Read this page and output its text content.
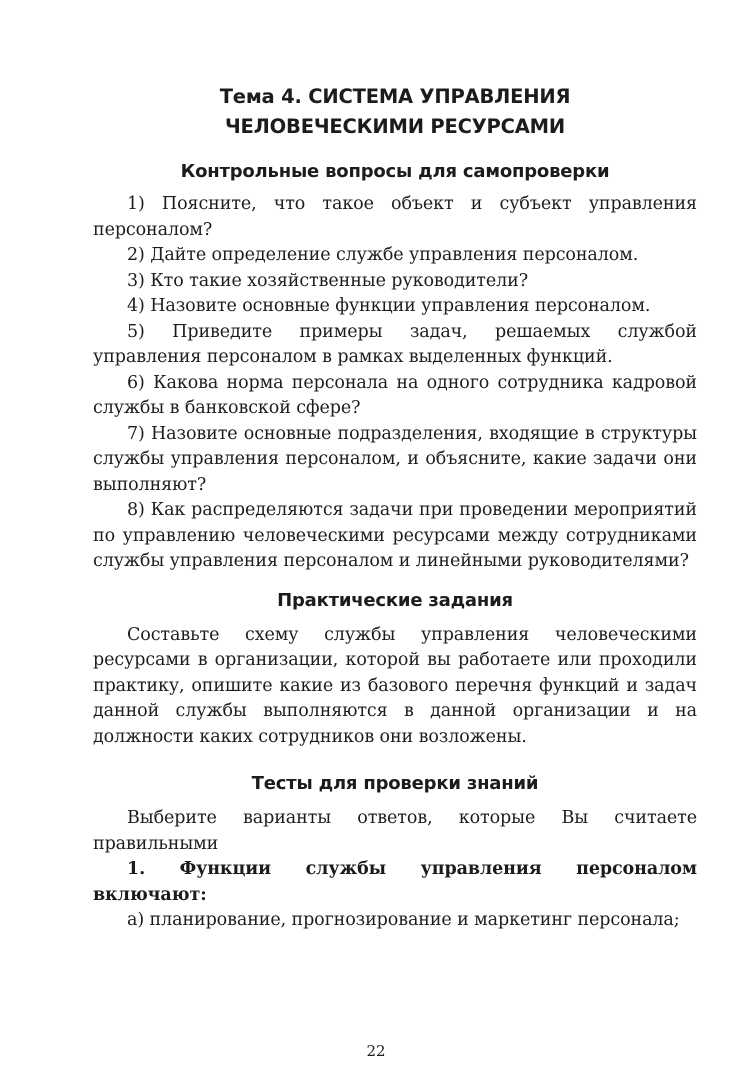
Тема 4. СИСТЕМА УПРАВЛЕНИЯ
ЧЕЛОВЕЧЕСКИМИ РЕСУРСАМИ
Контрольные вопросы для самопроверки

1) Поясните, что такое объект и субъект управления персоналом?

2) Дайте определение службе управления персоналом.

3) Кто такие хозяйственные руководители?

4) Назовите основные функции управления персоналом.

5) Приведите примеры задач, решаемых службой управления персоналом в рамках выделенных функций.

6) Какова норма персонала на одного сотрудника кадровой службы в банковской сфере?

7) Назовите основные подразделения, входящие в структуры службы управления персоналом, и объясните, какие задачи они выполняют?

8) Как распределяются задачи при проведении мероприятий по управлению человеческими ресурсами между сотрудниками службы управления персоналом и линейными руководителями?

Практические задания

Составьте схему службы управления человеческими ресурсами в организации, которой вы работаете или проходили практику, опишите какие из базового перечня функций и задач данной службы выполняются в данной организации и на должности каких сотрудников они возложены.

Тесты для проверки знаний

Выберите варианты ответов, которые Вы считаете правильными

1. Функции службы управления персоналом включают:

а) планирование, прогнозирование и маркетинг персонала;

22
